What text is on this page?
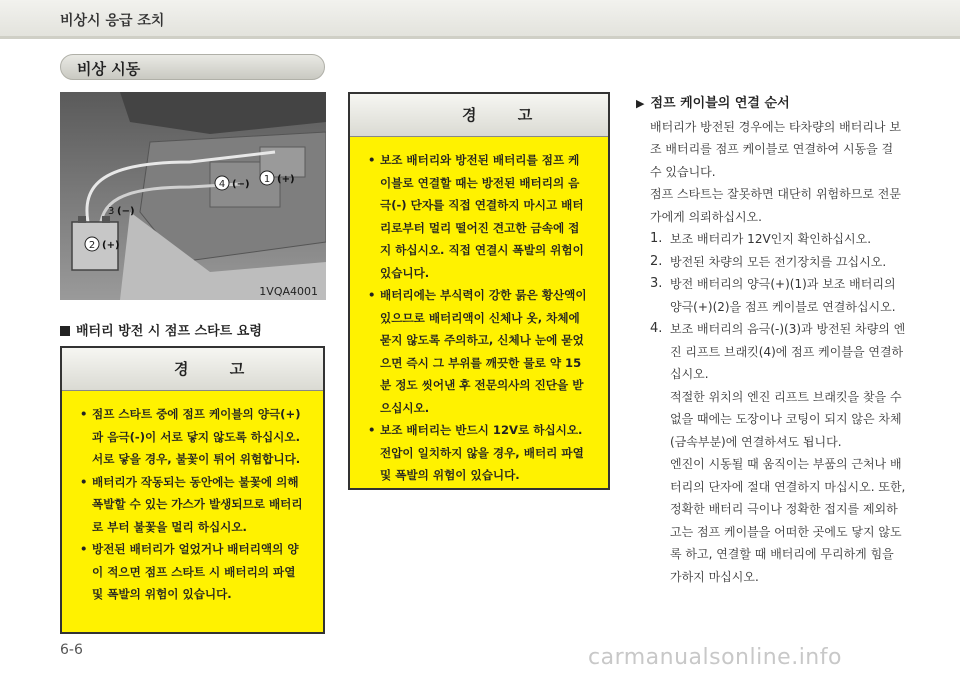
비상시 응급 조치
비상 시동
1 (+)
4 (−)
3 (−)
2 (+)
1VQA4001
배터리 방전 시 점프 스타트 요령
경 고
• 점프 스타트 중에 점프 케이블의 양극(+)과 음극(-)이 서로 닿지 않도록 하십시오. 서로 닿을 경우, 불꽃이 튀어 위험합니다.
• 배터리가 작동되는 동안에는 불꽃에 의해 폭발할 수 있는 가스가 발생되므로 배터리로 부터 불꽃을 멀리 하십시오.
• 방전된 배터리가 얼었거나 배터리액의 양이 적으면 점프 스타트 시 배터리의 파열 및 폭발의 위험이 있습니다.
경 고
• 보조 배터리와 방전된 배터리를 점프 케이블로 연결할 때는 방전된 배터리의 음극(-) 단자를 직접 연결하지 마시고 배터리로부터 멀리 떨어진 견고한 금속에 접지 하십시오. 직접 연결시 폭발의 위험이 있습니다.
• 배터리에는 부식력이 강한 묽은 황산액이 있으므로 배터리액이 신체나 옷, 차체에 묻지 않도록 주의하고, 신체나 눈에 묻었으면 즉시 그 부위를 깨끗한 물로 약 15분 정도 씻어낸 후 전문의사의 진단을 받으십시오.
• 보조 배터리는 반드시 12V로 하십시오. 전압이 일치하지 않을 경우, 배터리 파열 및 폭발의 위험이 있습니다.
▶ 점프 케이블의 연결 순서

배터리가 방전된 경우에는 타차량의 배터리나 보조 배터리를 점프 케이블로 연결하여 시동을 걸 수 있습니다.

점프 스타트는 잘못하면 대단히 위험하므로 전문가에게 의뢰하십시오.

1. 보조 배터리가 12V인지 확인하십시오.
2. 방전된 차량의 모든 전기장치를 끄십시오.
3. 방전 배터리의 양극(+)(1)과 보조 배터리의 양극(+)(2)을 점프 케이블로 연결하십시오.
4. 보조 배터리의 음극(-)(3)과 방전된 차량의 엔진 리프트 브래킷(4)에 점프 케이블을 연결하십시오.

적절한 위치의 엔진 리프트 브래킷을 찾을 수 없을 때에는 도장이나 코팅이 되지 않은 차체 (금속부분)에 연결하셔도 됩니다.

엔진이 시동될 때 움직이는 부품의 근처나 배터리의 단자에 절대 연결하지 마십시오. 또한, 정확한 배터리 극이나 정확한 접지를 제외하고는 점프 케이블을 어떠한 곳에도 닿지 않도록 하고, 연결할 때 배터리에 무리하게 힘을 가하지 마십시오.

6-6	carmanualsonline.info
